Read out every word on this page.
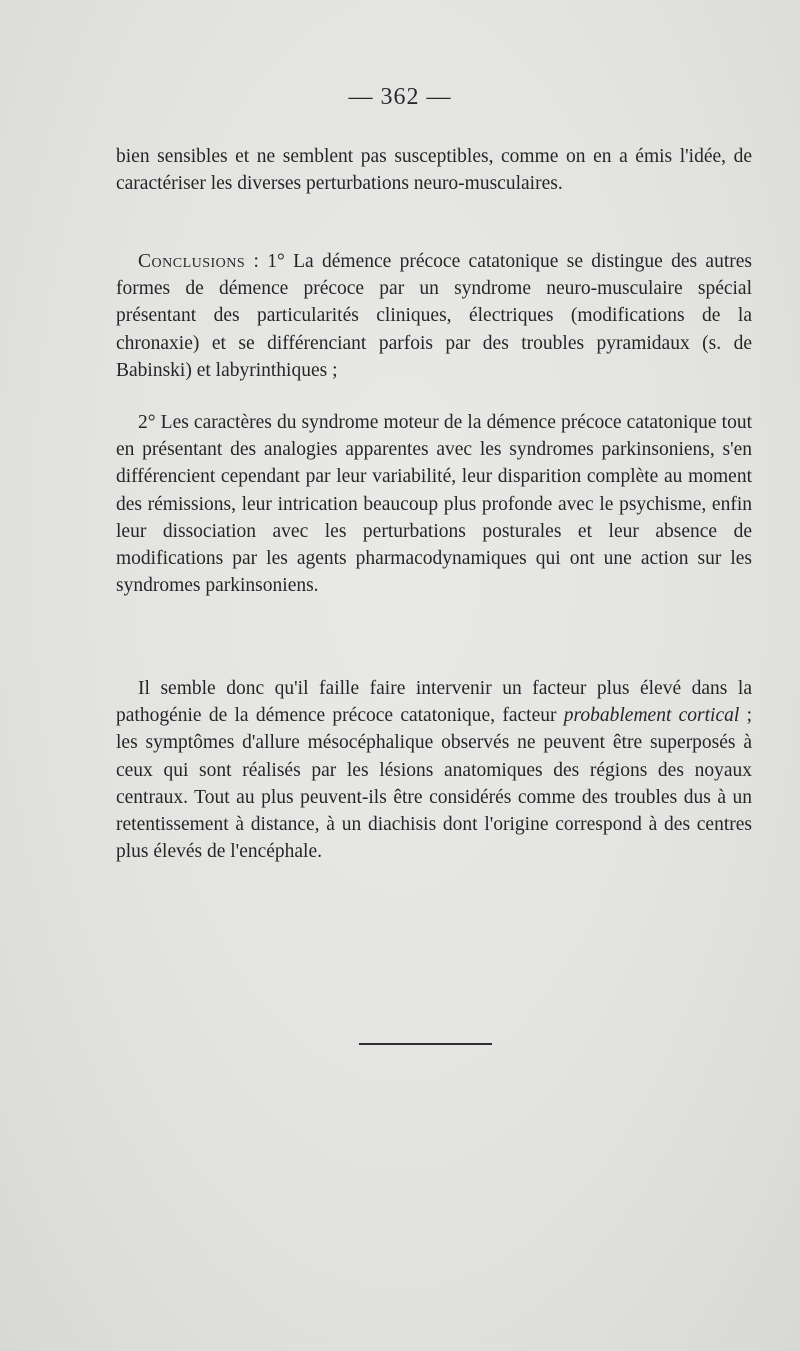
— 362 —

bien sensibles et ne semblent pas susceptibles, comme on en a émis l'idée, de caractériser les diverses perturbations neuro-musculaires.

Conclusions : 1° La démence précoce catatonique se distingue des autres formes de démence précoce par un syndrome neuro-musculaire spécial présentant des particularités cliniques, électriques (modifications de la chronaxie) et se différenciant parfois par des troubles pyramidaux (s. de Babinski) et labyrinthiques ;

2° Les caractères du syndrome moteur de la démence précoce catatonique tout en présentant des analogies apparentes avec les syndromes parkinsoniens, s'en différencient cependant par leur variabilité, leur disparition complète au moment des rémissions, leur intrication beaucoup plus profonde avec le psychisme, enfin leur dissociation avec les perturbations posturales et leur absence de modifications par les agents pharmacodynamiques qui ont une action sur les syndromes parkinsoniens.

Il semble donc qu'il faille faire intervenir un facteur plus élevé dans la pathogénie de la démence précoce catatonique, facteur probablement cortical ; les symptômes d'allure mésocéphalique observés ne peuvent être superposés à ceux qui sont réalisés par les lésions anatomiques des régions des noyaux centraux. Tout au plus peuvent-ils être considérés comme des troubles dus à un retentissement à distance, à un diachisis dont l'origine correspond à des centres plus élevés de l'encéphale.
